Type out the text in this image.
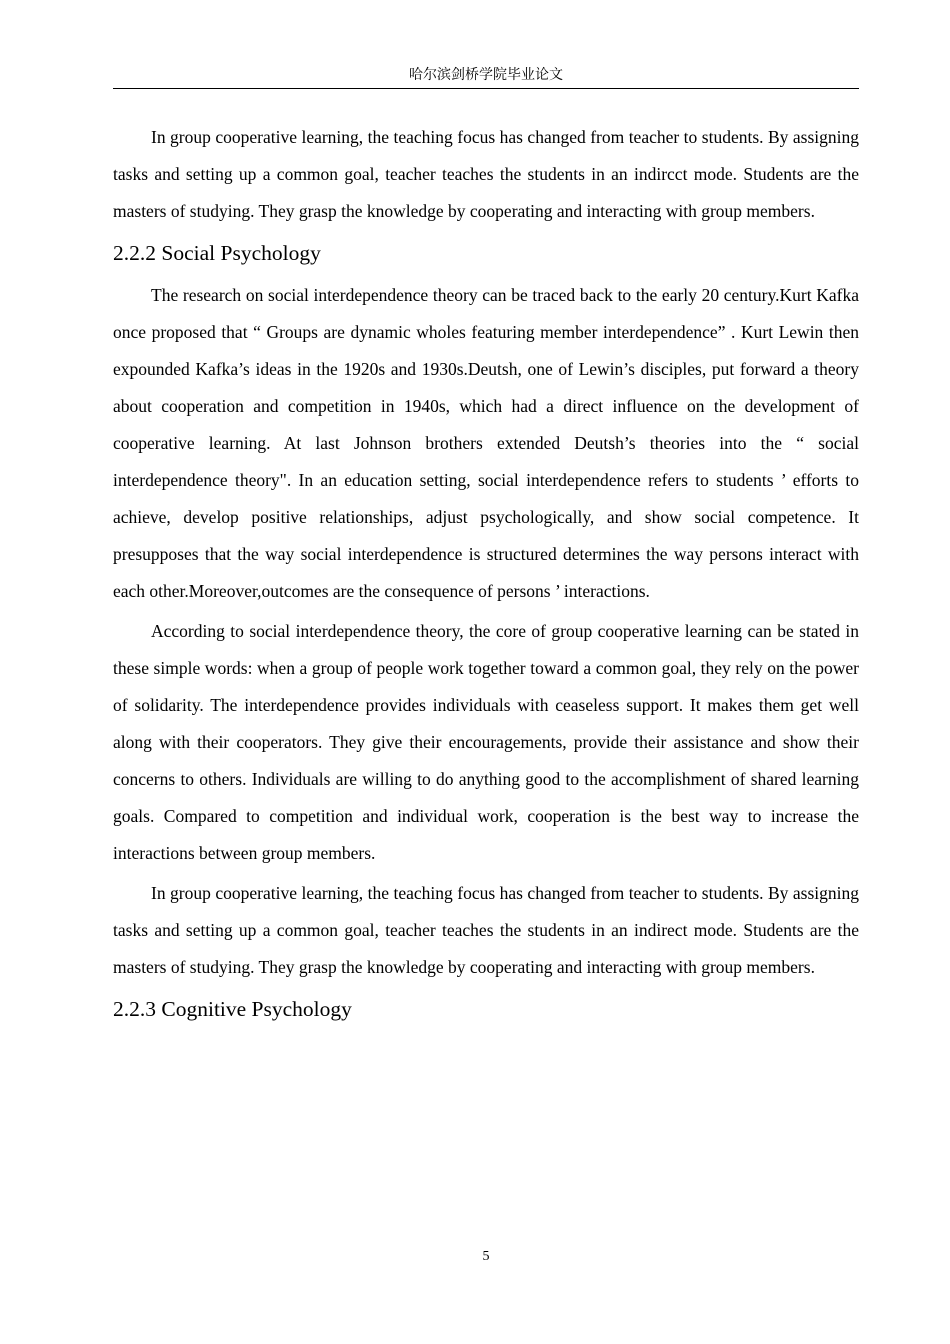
哈尔滨剑桥学院毕业论文

In group cooperative learning, the teaching focus has changed from teacher to students. By assigning tasks and setting up a common goal, teacher teaches the students in an indircct mode. Students are the masters of studying. They grasp the knowledge by cooperating and interacting with group members.

2.2.2 Social Psychology

The research on social interdependence theory can be traced back to the early 20 century.Kurt Kafka once proposed that “ Groups are dynamic wholes featuring member interdependence” . Kurt Lewin then expounded Kafka’s ideas in the 1920s and 1930s.Deutsh, one of Lewin’s disciples, put forward a theory about cooperation and competition in 1940s, which had a direct influence on the development of cooperative learning. At last Johnson brothers extended Deutsh’s theories into the “ social interdependence theory". In an education setting, social interdependence refers to students ’ efforts to achieve, develop positive relationships, adjust psychologically, and show social competence. It presupposes that the way social interdependence is structured determines the way persons interact with each other.Moreover,outcomes are the consequence of persons ’ interactions.

According to social interdependence theory, the core of group cooperative learning can be stated in these simple words: when a group of people work together toward a common goal, they rely on the power of solidarity. The interdependence provides individuals with ceaseless support. It makes them get well along with their cooperators. They give their encouragements, provide their assistance and show their concerns to others. Individuals are willing to do anything good to the accomplishment of shared learning goals. Compared to competition and individual work, cooperation is the best way to increase the interactions between group members.

In group cooperative learning, the teaching focus has changed from teacher to students. By assigning tasks and setting up a common goal, teacher teaches the students in an indirect mode. Students are the masters of studying. They grasp the knowledge by cooperating and interacting with group members.

2.2.3 Cognitive Psychology
5
